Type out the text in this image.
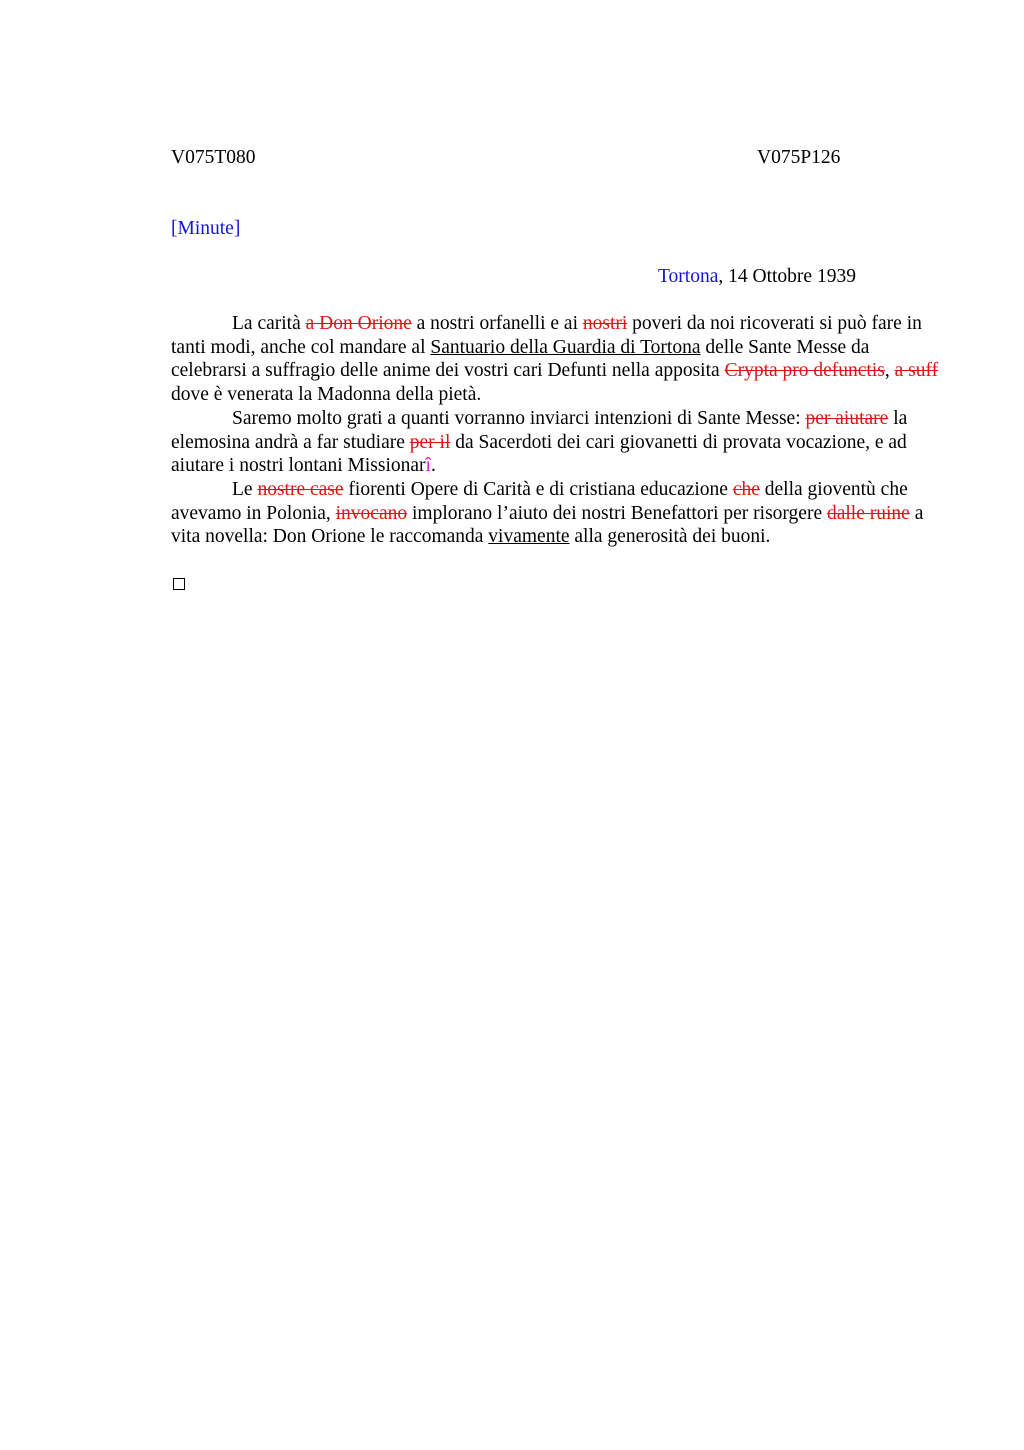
V075T080	V075P126
[Minute]
Tortona, 14 Ottobre 1939

La carità a Don Orione a nostri orfanelli e ai nostri poveri da noi ricoverati si può fare in tanti modi, anche col mandare al Santuario della Guardia di Tortona delle Sante Messe da celebrarsi a suffragio delle anime dei vostri cari Defunti nella apposita Crypta pro defunctis, a suff dove è venerata la Madonna della pietà.

Saremo molto grati a quanti vorranno inviarci intenzioni di Sante Messe: per aiutare la elemosina andrà a far studiare per il da Sacerdoti dei cari giovanetti di provata vocazione, e ad aiutare i nostri lontani Missionarî.

Le nostre case fiorenti Opere di Carità e di cristiana educazione che della gioventù che avevamo in Polonia, invocano implorano l’aiuto dei nostri Benefattori per risorgere dalle ruine a vita novella: Don Orione le raccomanda vivamente alla generosità dei buoni.
